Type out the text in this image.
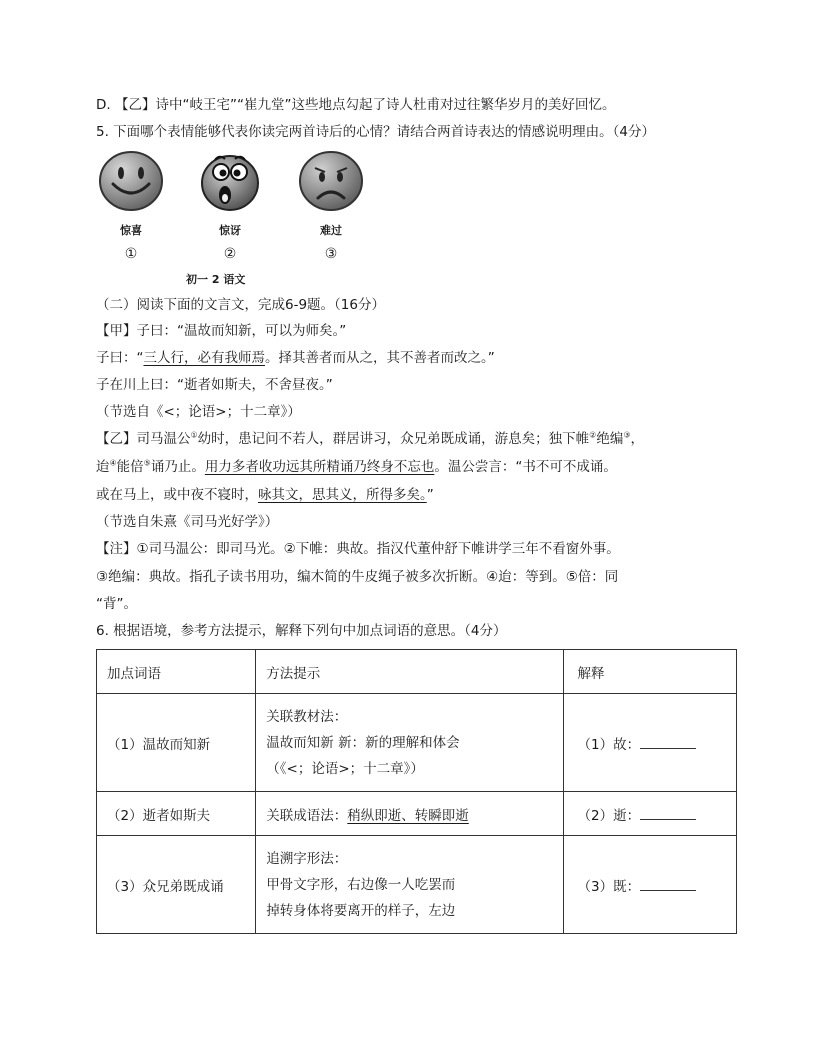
D. 【乙】诗中“岐王宅”“崔九堂”这些地点勾起了诗人杜甫对过往繁华岁月的美好回忆。
5. 下面哪个表情能够代表你读完两首诗后的心情？请结合两首诗表达的情感说明理由。（4分）
惊喜
①
惊讶
②
难过
③
初一 2 语文
（二）阅读下面的文言文，完成6-9题。（16分）
【甲】子曰：“温故而知新，可以为师矣。”
子曰：“三人行，必有我师焉。择其善者而从之，其不善者而改之。”
子在川上曰：“逝者如斯夫，不舍昼夜。”
（节选自《<；论语>；十二章》）
【乙】司马温公①幼时，患记问不若人，群居讲习，众兄弟既成诵，游息矣；独下帷②绝编③，
迨④能倍⑤诵乃止。用力多者收功远其所精诵乃终身不忘也。温公尝言：“书不可不成诵。
或在马上，或中夜不寝时，咏其文，思其义，所得多矣。”
（节选自朱熹《司马光好学》）
【注】①司马温公：即司马光。②下帷：典故。指汉代董仲舒下帷讲学三年不看窗外事。
③绝编：典故。指孔子读书用功，编木简的牛皮绳子被多次折断。④迨：等到。⑤倍：同
“背”。
6. 根据语境，参考方法提示，解释下列句中加点词语的意思。（4分）
加点词语	方法提示	解释
（1）温故而知新	关联教材法：
温故而知新 新：新的理解和体会
（《<；论语>；十二章》）	（1）故：
（2）逝者如斯夫	关联成语法：稍纵即逝、转瞬即逝	（2）逝：
（3）众兄弟既成诵	追溯字形法：
甲骨文字形，右边像一人吃罢而
掉转身体将要离开的样子，左边	（3）既：
